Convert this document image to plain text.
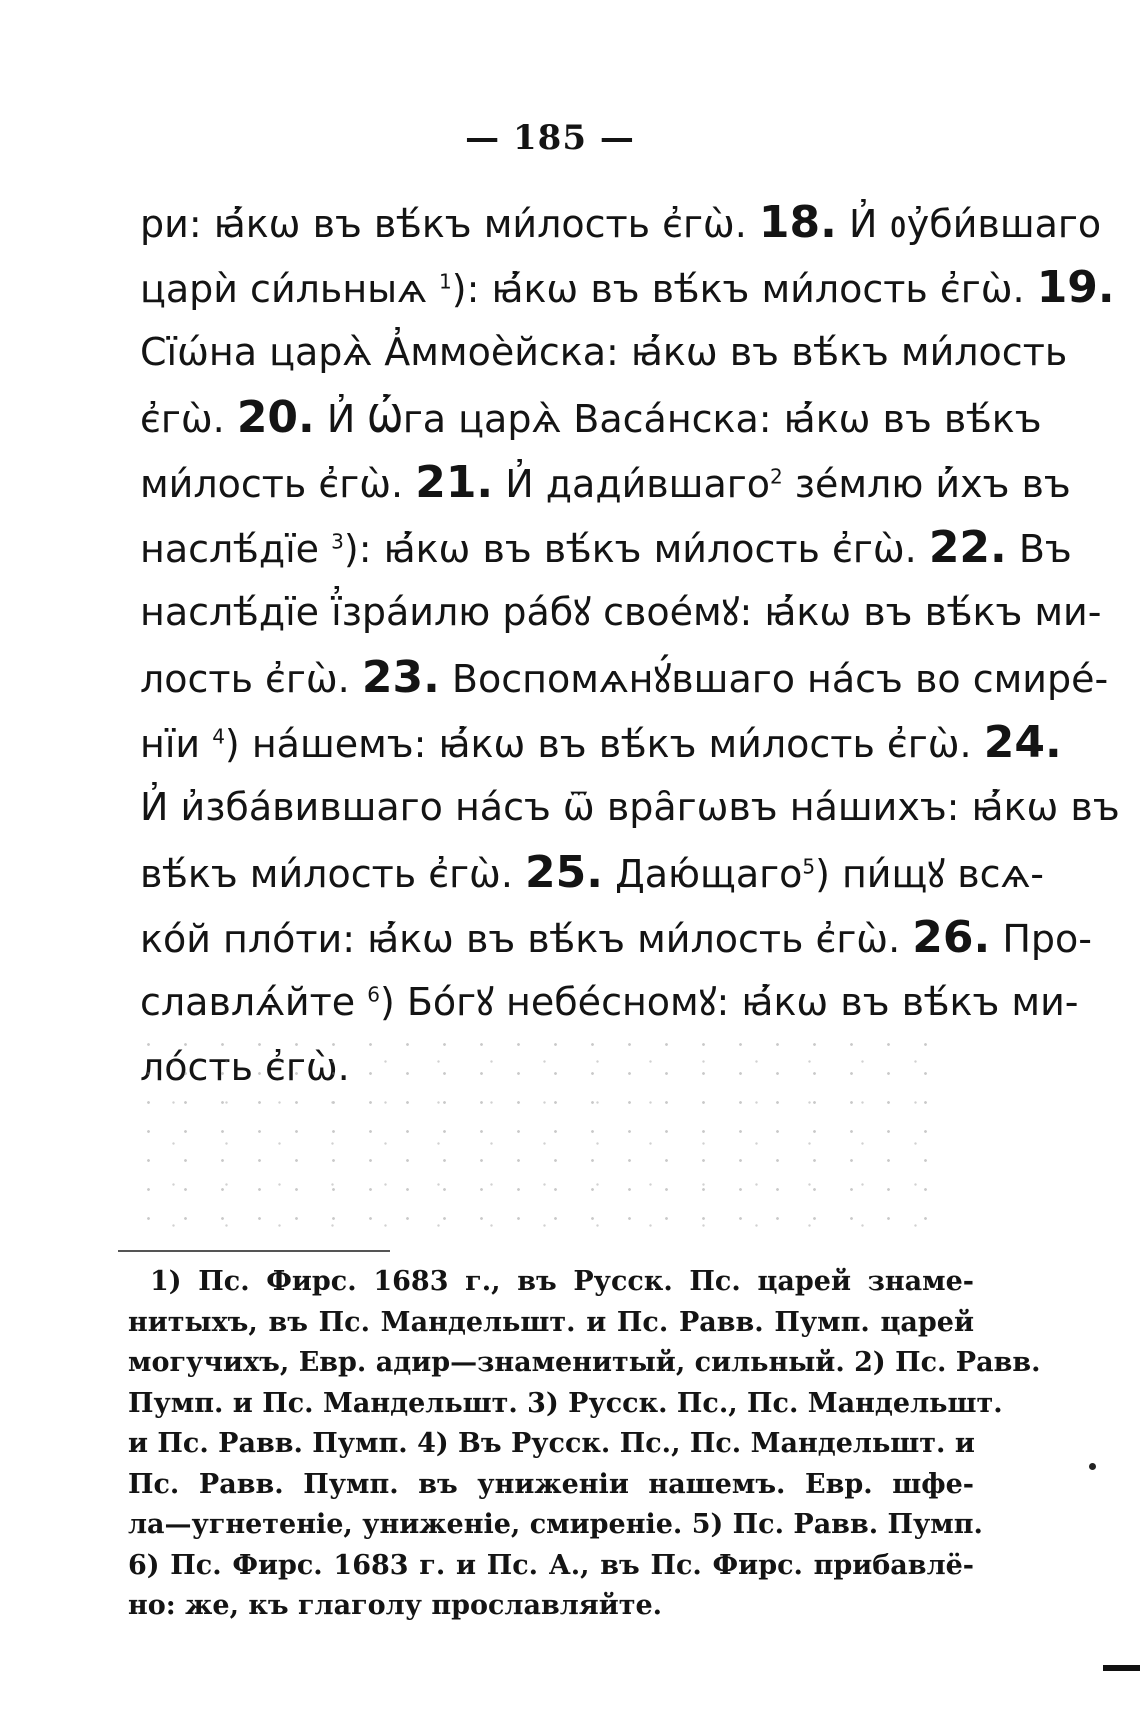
— 185 —
ри: ꙗ҆́кѡ въ вѣ́къ ми́лость є҆гѡ̀. 18. И҆ ᲂу҆би́вшаго
царѝ си́льныѧ $^1$): ꙗ҆́кѡ въ вѣ́къ ми́лость є҆гѡ̀. 19.
Сїѡ́на царѧ̀ А҆ммоѐйска: ꙗ҆́кѡ въ вѣ́къ ми́лость
є҆гѡ̀. 20. И҆ Ѡ҆́га царѧ̀ Васа́нска: ꙗ҆́кѡ въ вѣ́къ
ми́лость є҆гѡ̀. 21. И҆ дади́вшаго$^2$ зе́млю и҆́хъ въ
наслѣ́дїе $^3$): ꙗ҆́кѡ въ вѣ́къ ми́лость є҆гѡ̀. 22. Въ
наслѣ́дїе ї҆зра́илю ра́бꙋ свое́мꙋ: ꙗ҆́кѡ въ вѣ́къ ми-
лость є҆гѡ̀. 23. Воспомѧнꙋ́вшаго на́съ во смире́-
нїи $^4$) на́шемъ: ꙗ҆́кѡ въ вѣ́къ ми́лость є҆гѡ̀. 24.
И҆ и҆зба́вившаго на́съ ѿ вра̑гѡвъ на́шихъ: ꙗ҆́кѡ въ
вѣ́къ ми́лость є҆гѡ̀. 25. Даю́щаго$^5$) пи́щꙋ всѧ-
ко́й пло́ти: ꙗ҆́кѡ въ вѣ́къ ми́лость є҆гѡ̀. 26. Про-
славлѧ́йте $^6$) Бо́гꙋ небе́сномꙋ: ꙗ҆́кѡ въ вѣ́къ ми-
ло́сть є҆гѡ̀.
1) Пс. Фирс. 1683 г., въ Русск. Пс. царей знаме-
нитыхъ, въ Пс. Мандельшт. и Пс. Равв. Пумп. царей
могучихъ, Евр. адир—знаменитый, сильный. 2) Пс. Равв.
Пумп. и Пс. Мандельшт. 3) Русск. Пс., Пс. Мандельшт.
и Пс. Равв. Пумп. 4) Въ Русск. Пс., Пс. Мандельшт. и
Пс. Равв. Пумп. въ униженіи нашемъ. Евр. шфе-
ла—угнетеніе, униженіе, смиреніе. 5) Пс. Равв. Пумп.
6) Пс. Фирс. 1683 г. и Пс. А., въ Пс. Фирс. прибавлё-
но: же, къ глаголу прославляйте.
